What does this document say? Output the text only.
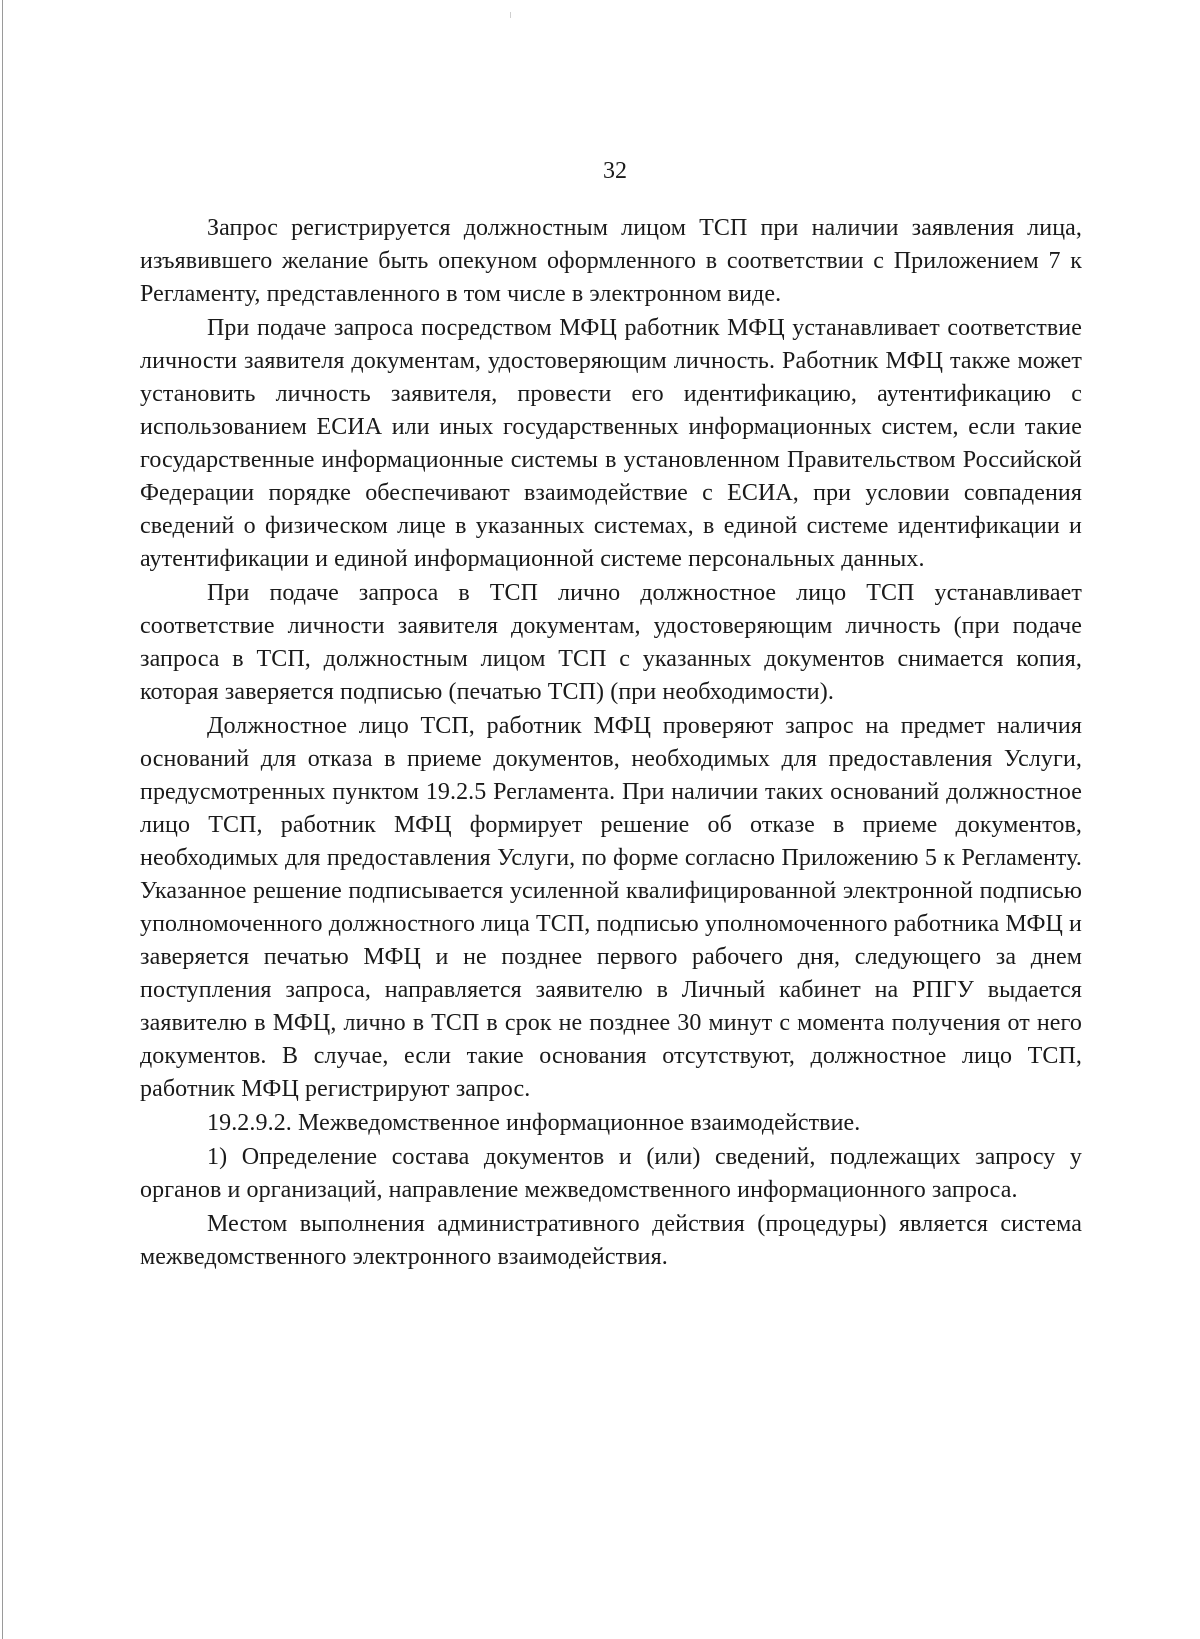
32

Запрос регистрируется должностным лицом ТСП при наличии заявления лица, изъявившего желание быть опекуном оформленного в соответствии с Приложением 7 к Регламенту, представленного в том числе в электронном виде.

При подаче запроса посредством МФЦ работник МФЦ устанавливает соответствие личности заявителя документам, удостоверяющим личность. Работник МФЦ также может установить личность заявителя, провести его идентификацию, аутентификацию с использованием ЕСИА или иных государственных информационных систем, если такие государственные информационные системы в установленном Правительством Российской Федерации порядке обеспечивают взаимодействие с ЕСИА, при условии совпадения сведений о физическом лице в указанных системах, в единой системе идентификации и аутентификации и единой информационной системе персональных данных.

При подаче запроса в ТСП лично должностное лицо ТСП устанавливает соответствие личности заявителя документам, удостоверяющим личность (при подаче запроса в ТСП, должностным лицом ТСП с указанных документов снимается копия, которая заверяется подписью (печатью ТСП) (при необходимости).

Должностное лицо ТСП, работник МФЦ проверяют запрос на предмет наличия оснований для отказа в приеме документов, необходимых для предоставления Услуги, предусмотренных пунктом 19.2.5 Регламента. При наличии таких оснований должностное лицо ТСП, работник МФЦ формирует решение об отказе в приеме документов, необходимых для предоставления Услуги, по форме согласно Приложению 5 к Регламенту. Указанное решение подписывается усиленной квалифицированной электронной подписью уполномоченного должностного лица ТСП, подписью уполномоченного работника МФЦ и заверяется печатью МФЦ и не позднее первого рабочего дня, следующего за днем поступления запроса, направляется заявителю в Личный кабинет на РПГУ выдается заявителю в МФЦ, лично в ТСП в срок не позднее 30 минут с момента получения от него документов. В случае, если такие основания отсутствуют, должностное лицо ТСП, работник МФЦ регистрируют запрос.

19.2.9.2. Межведомственное информационное взаимодействие.

1) Определение состава документов и (или) сведений, подлежащих запросу у органов и организаций, направление межведомственного информационного запроса.

Местом выполнения административного действия (процедуры) является система межведомственного электронного взаимодействия.
